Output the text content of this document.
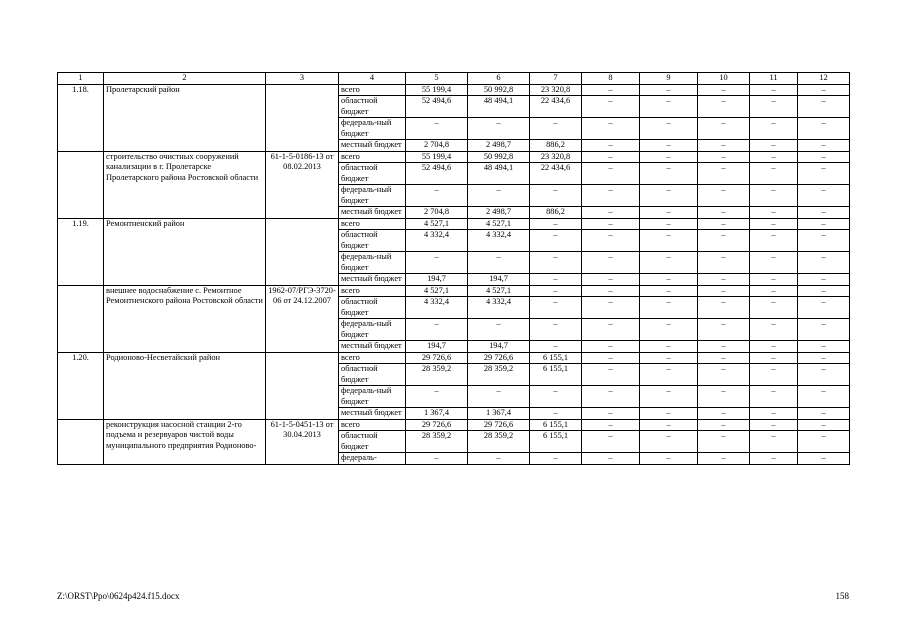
1	2	3	4	5	6	7	8	9	10	11	12
1.18.	Пролетарский район		всего	55 199,4	50 992,8	23 320,8	–	–	–	–	–
			областной бюджет	52 494,6	48 494,1	22 434,6	–	–	–	–	–
			федераль-ный бюджет	–	–	–	–	–	–	–	–
			местный бюджет	2 704,8	2 498,7	886,2	–	–	–	–	–
	строительство очистных сооружений канализации в г. Пролетарске Пролетарского района Ростовской области	61-1-5-0186-13 от 08.02.2013	всего	55 199,4	50 992,8	23 320,8	–	–	–	–	–
			областной бюджет	52 494,6	48 494,1	22 434,6	–	–	–	–	–
			федераль-ный бюджет	–	–	–	–	–	–	–	–
			местный бюджет	2 704,8	2 498,7	886,2	–	–	–	–	–
1.19.	Ремонтненский район		всего	4 527,1	4 527,1	–	–	–	–	–	–
			областной бюджет	4 332,4	4 332,4	–	–	–	–	–	–
			федераль-ный бюджет	–	–	–	–	–	–	–	–
			местный бюджет	194,7	194,7	–	–	–	–	–	–
	внешнее водоснабжение с. Ремонтное Ремонтненского района Ростовской области	1962-07/РГЭ-3720-06 от 24.12.2007	всего	4 527,1	4 527,1	–	–	–	–	–	–
			областной бюджет	4 332,4	4 332,4	–	–	–	–	–	–
			федераль-ный бюджет	–	–	–	–	–	–	–	–
			местный бюджет	194,7	194,7	–	–	–	–	–	–
1.20.	Родионово-Несветайский район		всего	29 726,6	29 726,6	6 155,1	–	–	–	–	–
			областной бюджет	28 359,2	28 359,2	6 155,1	–	–	–	–	–
			федераль-ный бюджет	–	–	–	–	–	–	–	–
			местный бюджет	1 367,4	1 367,4	–	–	–	–	–	–
	реконструкция насосной станции 2-го подъема и резервуаров чистой воды муниципального предприятия Родионово-	61-1-5-0451-13 от 30.04.2013	всего	29 726,6	29 726,6	6 155,1	–	–	–	–	–
			областной бюджет	28 359,2	28 359,2	6 155,1	–	–	–	–	–
			федераль-	–	–	–	–	–	–	–	–
Z:\ORST\Ppo\0624p424.f15.docx	158
